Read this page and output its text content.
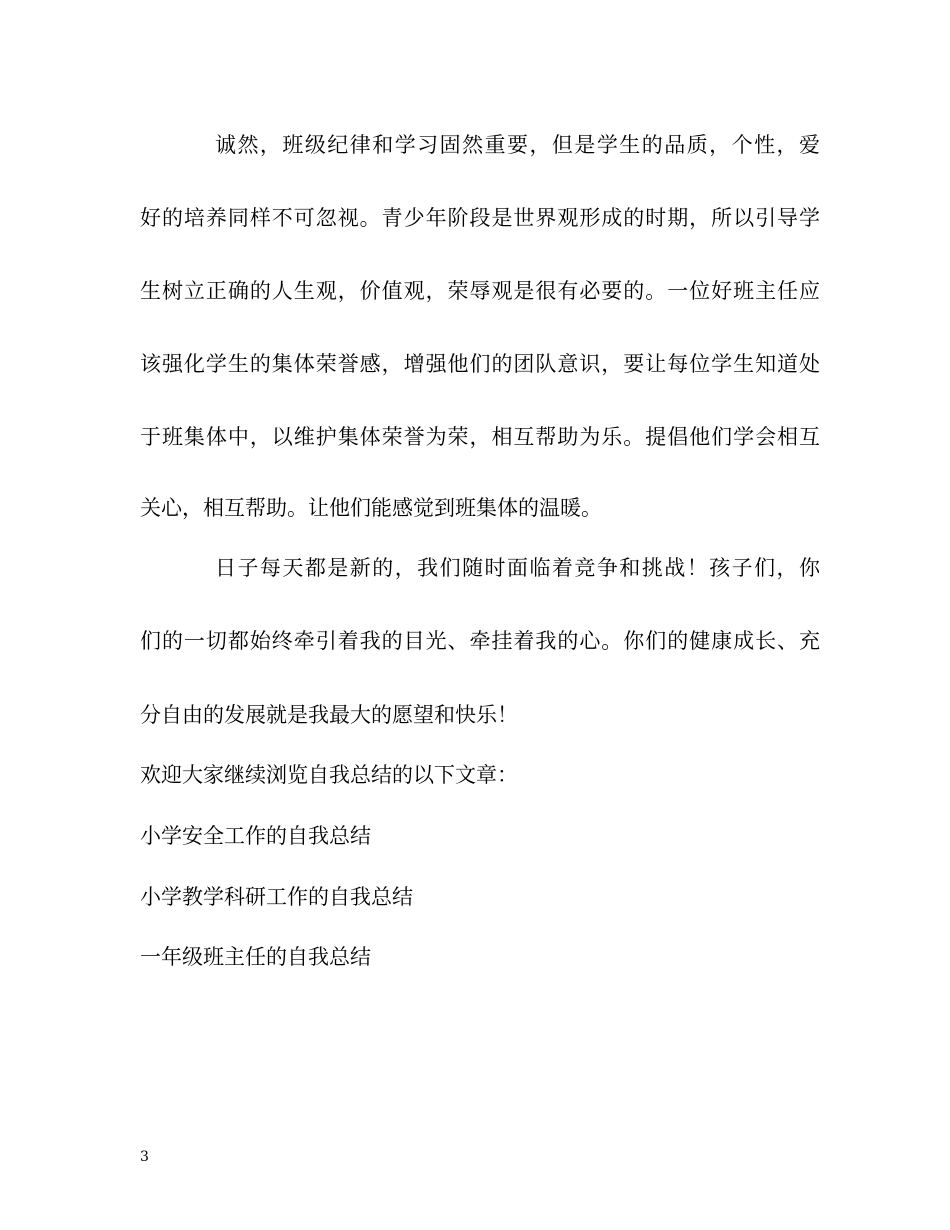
诚然，班级纪律和学习固然重要，但是学生的品质，个性，爱
好的培养同样不可忽视。青少年阶段是世界观形成的时期，所以引导学
生树立正确的人生观，价值观，荣辱观是很有必要的。一位好班主任应
该强化学生的集体荣誉感，增强他们的团队意识，要让每位学生知道处
于班集体中，以维护集体荣誉为荣，相互帮助为乐。提倡他们学会相互
关心，相互帮助。让他们能感觉到班集体的温暖。
日子每天都是新的，我们随时面临着竞争和挑战！孩子们，你
们的一切都始终牵引着我的目光、牵挂着我的心。你们的健康成长、充
分自由的发展就是我最大的愿望和快乐！
欢迎大家继续浏览自我总结的以下文章：
小学安全工作的自我总结
小学教学科研工作的自我总结
一年级班主任的自我总结
3
